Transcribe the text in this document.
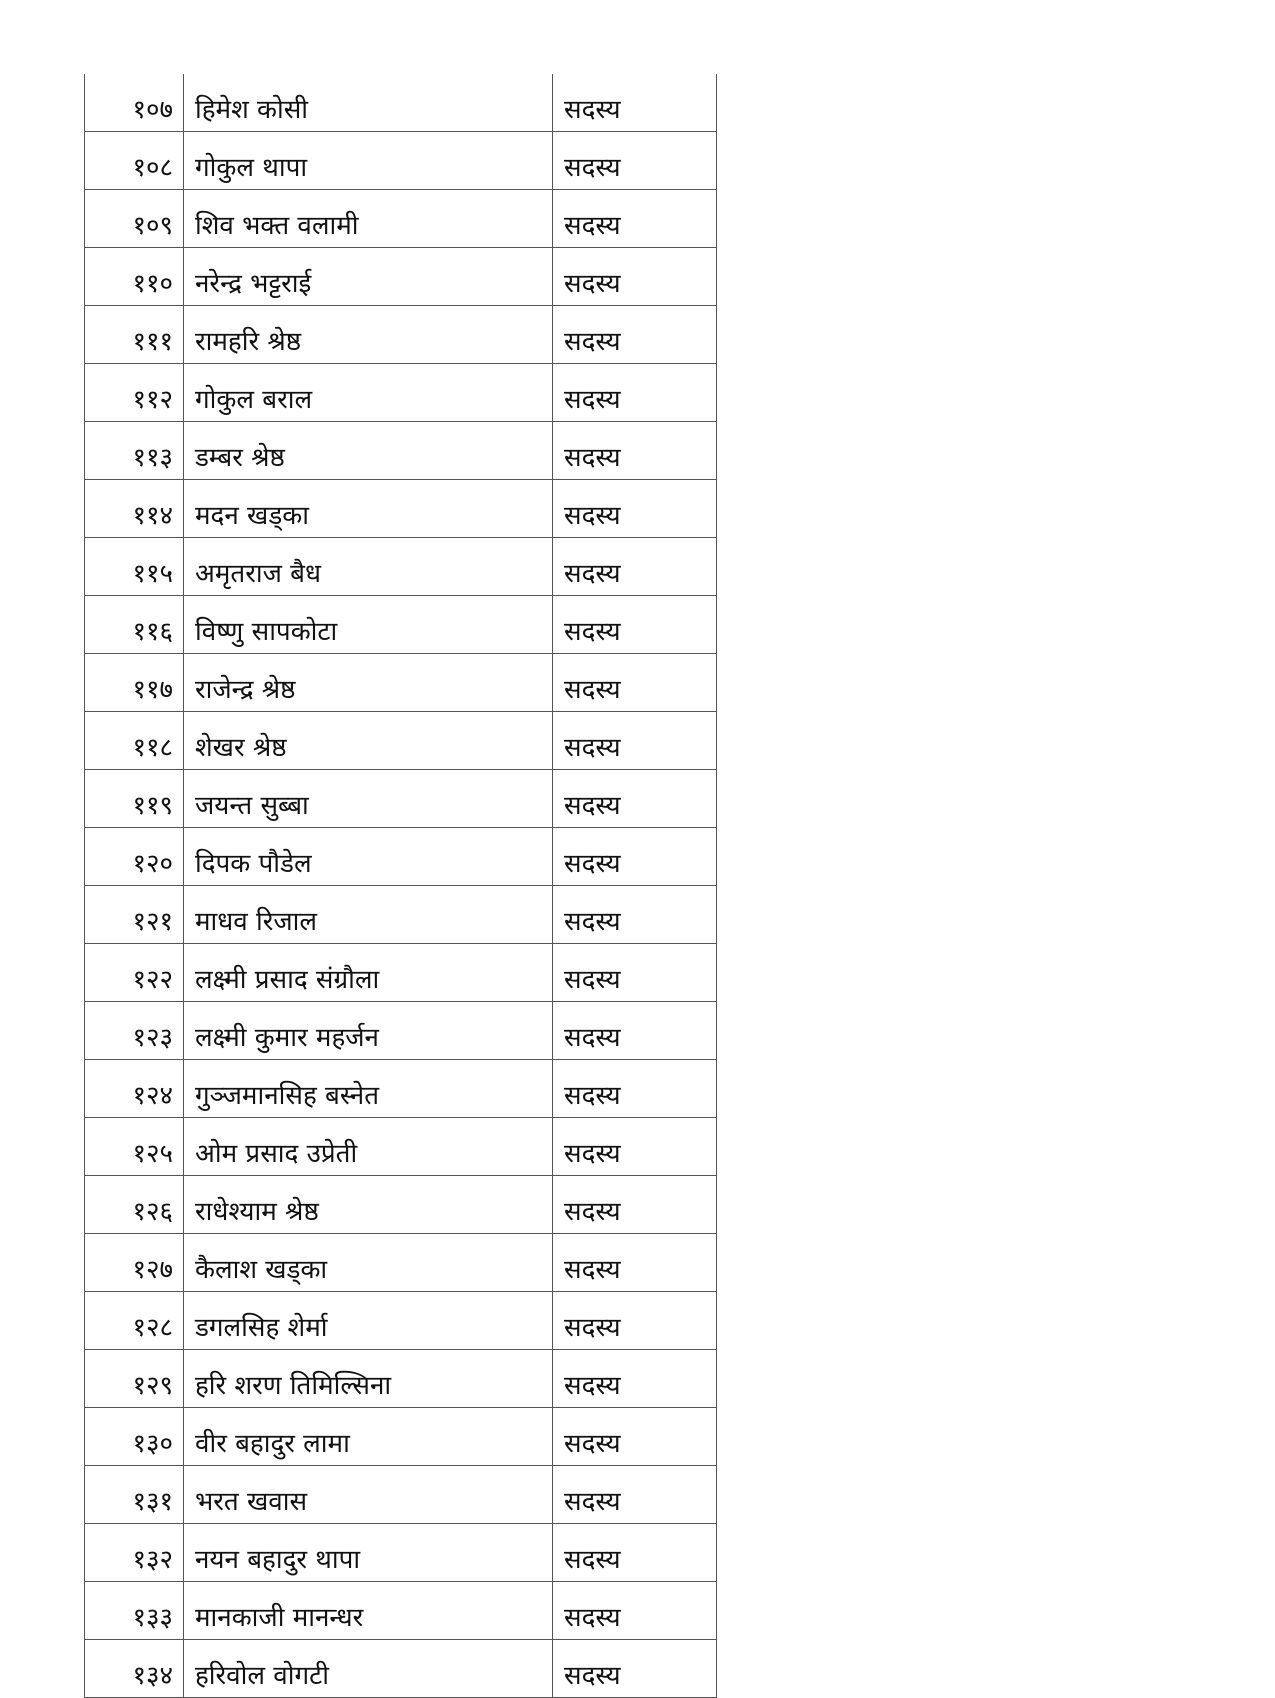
१०७	हिमेश कोसी	सदस्य
१०८	गोकुल थापा	सदस्य
१०९	शिव भक्त वलामी	सदस्य
११०	नरेन्द्र भट्टराई	सदस्य
१११	रामहरि श्रेष्ठ	सदस्य
११२	गोकुल बराल	सदस्य
११३	डम्बर श्रेष्ठ	सदस्य
११४	मदन खड्का	सदस्य
११५	अमृतराज बैध	सदस्य
११६	विष्णु सापकोटा	सदस्य
११७	राजेन्द्र श्रेष्ठ	सदस्य
११८	शेखर श्रेष्ठ	सदस्य
११९	जयन्त सुब्बा	सदस्य
१२०	दिपक पौडेल	सदस्य
१२१	माधव रिजाल	सदस्य
१२२	लक्ष्मी प्रसाद संग्रौला	सदस्य
१२३	लक्ष्मी कुमार महर्जन	सदस्य
१२४	गुञ्जमानसिह बस्नेत	सदस्य
१२५	ओम प्रसाद उप्रेती	सदस्य
१२६	राधेश्याम श्रेष्ठ	सदस्य
१२७	कैलाश खड्का	सदस्य
१२८	डगलसिह शेर्मा	सदस्य
१२९	हरि शरण तिमिल्सिना	सदस्य
१३०	वीर बहादुर लामा	सदस्य
१३१	भरत खवास	सदस्य
१३२	नयन बहादुर थापा	सदस्य
१३३	मानकाजी मानन्धर	सदस्य
१३४	हरिवोल वोगटी	सदस्य
